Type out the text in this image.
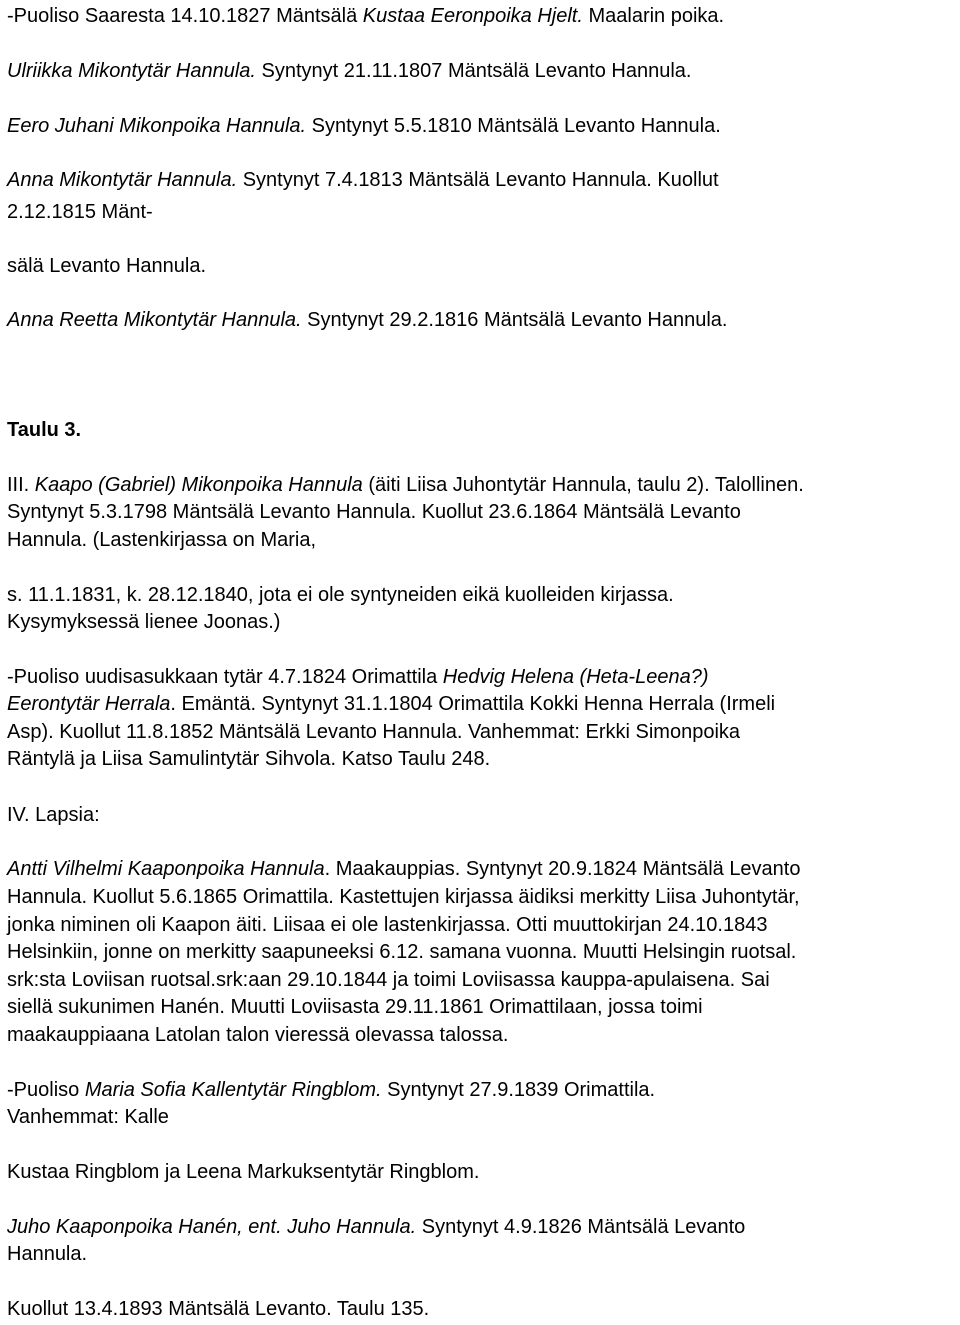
-Puoliso Saaresta 14.10.1827 Mäntsälä Kustaa Eeronpoika Hjelt. Maalarin poika.
Ulriikka Mikontytär Hannula. Syntynyt 21.11.1807 Mäntsälä Levanto Hannula.
Eero Juhani Mikonpoika Hannula. Syntynyt 5.5.1810 Mäntsälä Levanto Hannula.
Anna Mikontytär Hannula. Syntynyt 7.4.1813 Mäntsälä Levanto Hannula. Kuollut
2.12.1815 Mänt-
sälä Levanto Hannula.
Anna Reetta Mikontytär Hannula. Syntynyt 29.2.1816 Mäntsälä Levanto Hannula.
Taulu 3.
III. Kaapo (Gabriel) Mikonpoika Hannula (äiti Liisa Juhontytär Hannula, taulu 2). Talollinen.
Syntynyt 5.3.1798 Mäntsälä Levanto Hannula. Kuollut 23.6.1864 Mäntsälä Levanto
Hannula. (Lastenkirjassa on Maria,
s. 11.1.1831, k. 28.12.1840, jota ei ole syntyneiden eikä kuolleiden kirjassa.
Kysymyksessä lienee Joonas.)
-Puoliso uudisasukkaan tytär 4.7.1824 Orimattila Hedvig Helena (Heta-Leena?)
Eerontytär Herrala. Emäntä. Syntynyt 31.1.1804 Orimattila Kokki Henna Herrala (Irmeli
Asp). Kuollut 11.8.1852 Mäntsälä Levanto Hannula. Vanhemmat: Erkki Simonpoika
Räntylä ja Liisa Samulintytär Sihvola. Katso Taulu 248.
IV. Lapsia:
Antti Vilhelmi Kaaponpoika Hannula. Maakauppias. Syntynyt 20.9.1824 Mäntsälä Levanto
Hannula. Kuollut 5.6.1865 Orimattila. Kastettujen kirjassa äidiksi merkitty Liisa Juhontytär,
jonka niminen oli Kaapon äiti. Liisaa ei ole lastenkirjassa. Otti muuttokirjan 24.10.1843
Helsinkiin, jonne on merkitty saapuneeksi 6.12. samana vuonna. Muutti Helsingin ruotsal.
srk:sta Loviisan ruotsal.srk:aan 29.10.1844 ja toimi Loviisassa kauppa-apulaisena. Sai
siellä sukunimen Hanén. Muutti Loviisasta 29.11.1861 Orimattilaan, jossa toimi
maakauppiaana Latolan talon vieressä olevassa talossa.
-Puoliso Maria Sofia Kallentytär Ringblom. Syntynyt 27.9.1839 Orimattila.
Vanhemmat: Kalle
Kustaa Ringblom ja Leena Markuksentytär Ringblom.
Juho Kaaponpoika Hanén, ent. Juho Hannula. Syntynyt 4.9.1826 Mäntsälä Levanto
Hannula.
Kuollut 13.4.1893 Mäntsälä Levanto. Taulu 135.
